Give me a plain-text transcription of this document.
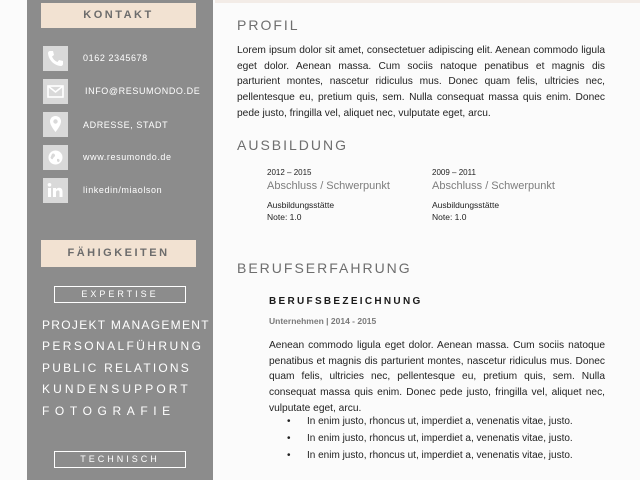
KONTAKT
0162 2345678
INFO@RESUMONDO.DE
ADRESSE, STADT
www.resumondo.de
linkedin/miaolson
FÄHIGKEITEN
EXPERTISE
PROJEKT MANAGEMENT
PERSONALFÜHRUNG
PUBLIC RELATIONS
KUNDENSUPPORT
FOTOGRAFIE
TECHNISCH
PROFIL
Lorem ipsum dolor sit amet, consectetuer adipiscing elit. Aenean commodo ligula eget dolor. Aenean massa. Cum sociis natoque penatibus et magnis dis parturient montes, nascetur ridiculus mus. Donec quam felis, ultricies nec, pellentesque eu, pretium quis, sem. Nulla consequat massa quis enim. Donec pede justo, fringilla vel, aliquet nec, vulputate eget, arcu.
AUSBILDUNG
2012 – 2015
Abschluss / Schwerpunkt
Ausbildungsstätte
Note: 1.0
2009 – 2011
Abschluss / Schwerpunkt
Ausbildungsstätte
Note: 1.0
BERUFSERFAHRUNG
BERUFSBEZEICHNUNG
Unternehmen | 2014 - 2015
Aenean commodo ligula eget dolor. Aenean massa. Cum sociis natoque penatibus et magnis dis parturient montes, nascetur ridiculus mus. Donec quam felis, ultricies nec, pellentesque eu, pretium quis, sem. Nulla consequat massa quis enim. Donec pede justo, fringilla vel, aliquet nec, vulputate eget, arcu.
• In enim justo, rhoncus ut, imperdiet a, venenatis vitae, justo.
• In enim justo, rhoncus ut, imperdiet a, venenatis vitae, justo.
• In enim justo, rhoncus ut, imperdiet a, venenatis vitae, justo.
